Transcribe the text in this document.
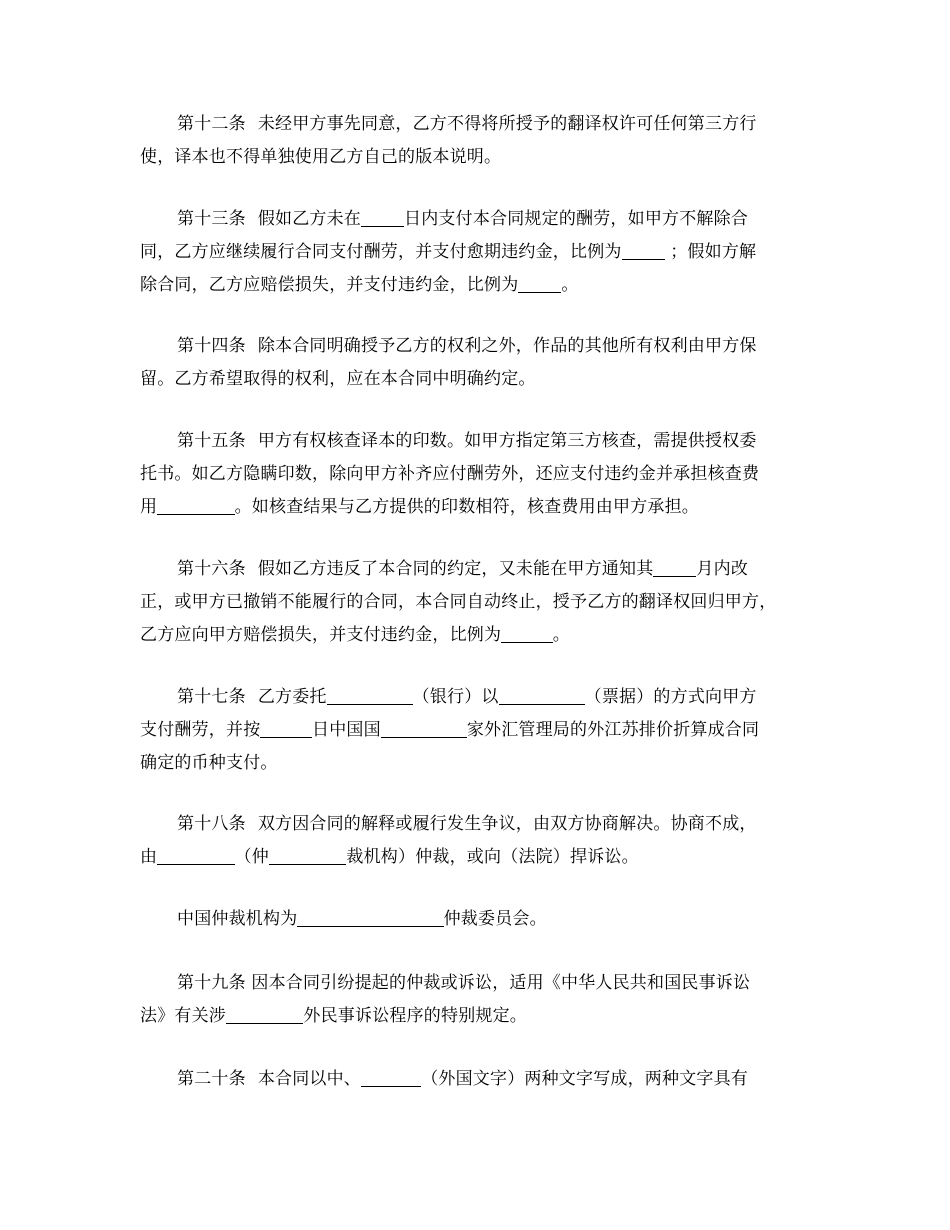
第十二条 未经甲方事先同意，乙方不得将所授予的翻译权许可任何第三方行
使，译本也不得单独使用乙方自己的版本说明。
第十三条 假如乙方未在	日内支付本合同规定的酬劳，如甲方不解除合
同，乙方应继续履行合同支付酬劳，并支付愈期违约金，比例为	；假如方解
除合同，乙方应赔偿损失，并支付违约金，比例为	。
第十四条 除本合同明确授予乙方的权利之外，作品的其他所有权利由甲方保
留。乙方希望取得的权利，应在本合同中明确约定。
第十五条 甲方有权核查译本的印数。如甲方指定第三方核查，需提供授权委
托书。如乙方隐瞒印数，除向甲方补齐应付酬劳外，还应支付违约金并承担核查费
用	。如核查结果与乙方提供的印数相符，核查费用由甲方承担。
第十六条 假如乙方违反了本合同的约定，又未能在甲方通知其	月内改
正，或甲方已撤销不能履行的合同，本合同自动终止，授予乙方的翻译权回归甲方，
乙方应向甲方赔偿损失，并支付违约金，比例为	。
第十七条 乙方委托	（银行）以	（票据）的方式向甲方
支付酬劳，并按	日中国国	家外汇管理局的外江苏排价折算成合同
确定的币种支付。
第十八条 双方因合同的解释或履行发生争议，由双方协商解决。协商不成，
由	（仲	裁机构）仲裁，或向（法院）捍诉讼。
中国仲裁机构为	仲裁委员会。
第十九条 因本合同引纷提起的仲裁或诉讼，适用《中华人民共和国民事诉讼
法》有关涉	外民事诉讼程序的特别规定。
第二十条 本合同以中、	（外国文字）两种文字写成，两种文字具有
